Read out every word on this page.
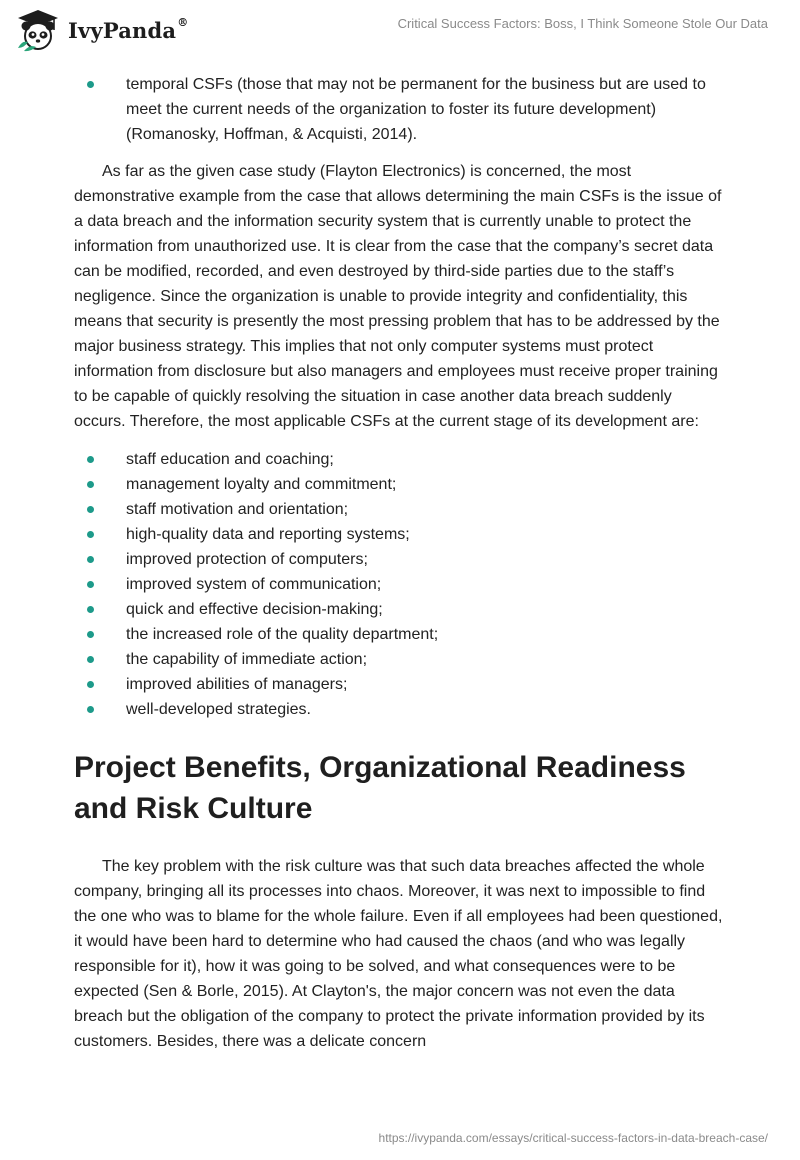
IvyPanda®	Critical Success Factors: Boss, I Think Someone Stole Our Data
temporal CSFs (those that may not be permanent for the business but are used to meet the current needs of the organization to foster its future development) (Romanosky, Hoffman, & Acquisti, 2014).

As far as the given case study (Flayton Electronics) is concerned, the most demonstrative example from the case that allows determining the main CSFs is the issue of a data breach and the information security system that is currently unable to protect the information from unauthorized use. It is clear from the case that the company’s secret data can be modified, recorded, and even destroyed by third-side parties due to the staff’s negligence. Since the organization is unable to provide integrity and confidentiality, this means that security is presently the most pressing problem that has to be addressed by the major business strategy. This implies that not only computer systems must protect information from disclosure but also managers and employees must receive proper training to be capable of quickly resolving the situation in case another data breach suddenly occurs. Therefore, the most applicable CSFs at the current stage of its development are:

staff education and coaching;
management loyalty and commitment;
staff motivation and orientation;
high-quality data and reporting systems;
improved protection of computers;
improved system of communication;
quick and effective decision-making;
the increased role of the quality department;
the capability of immediate action;
improved abilities of managers;
well-developed strategies.
Project Benefits, Organizational Readiness and Risk Culture

The key problem with the risk culture was that such data breaches affected the whole company, bringing all its processes into chaos. Moreover, it was next to impossible to find the one who was to blame for the whole failure. Even if all employees had been questioned, it would have been hard to determine who had caused the chaos (and who was legally responsible for it), how it was going to be solved, and what consequences were to be expected (Sen & Borle, 2015). At Clayton's, the major concern was not even the data breach but the obligation of the company to protect the private information provided by its customers. Besides, there was a delicate concern

https://ivypanda.com/essays/critical-success-factors-in-data-breach-case/
